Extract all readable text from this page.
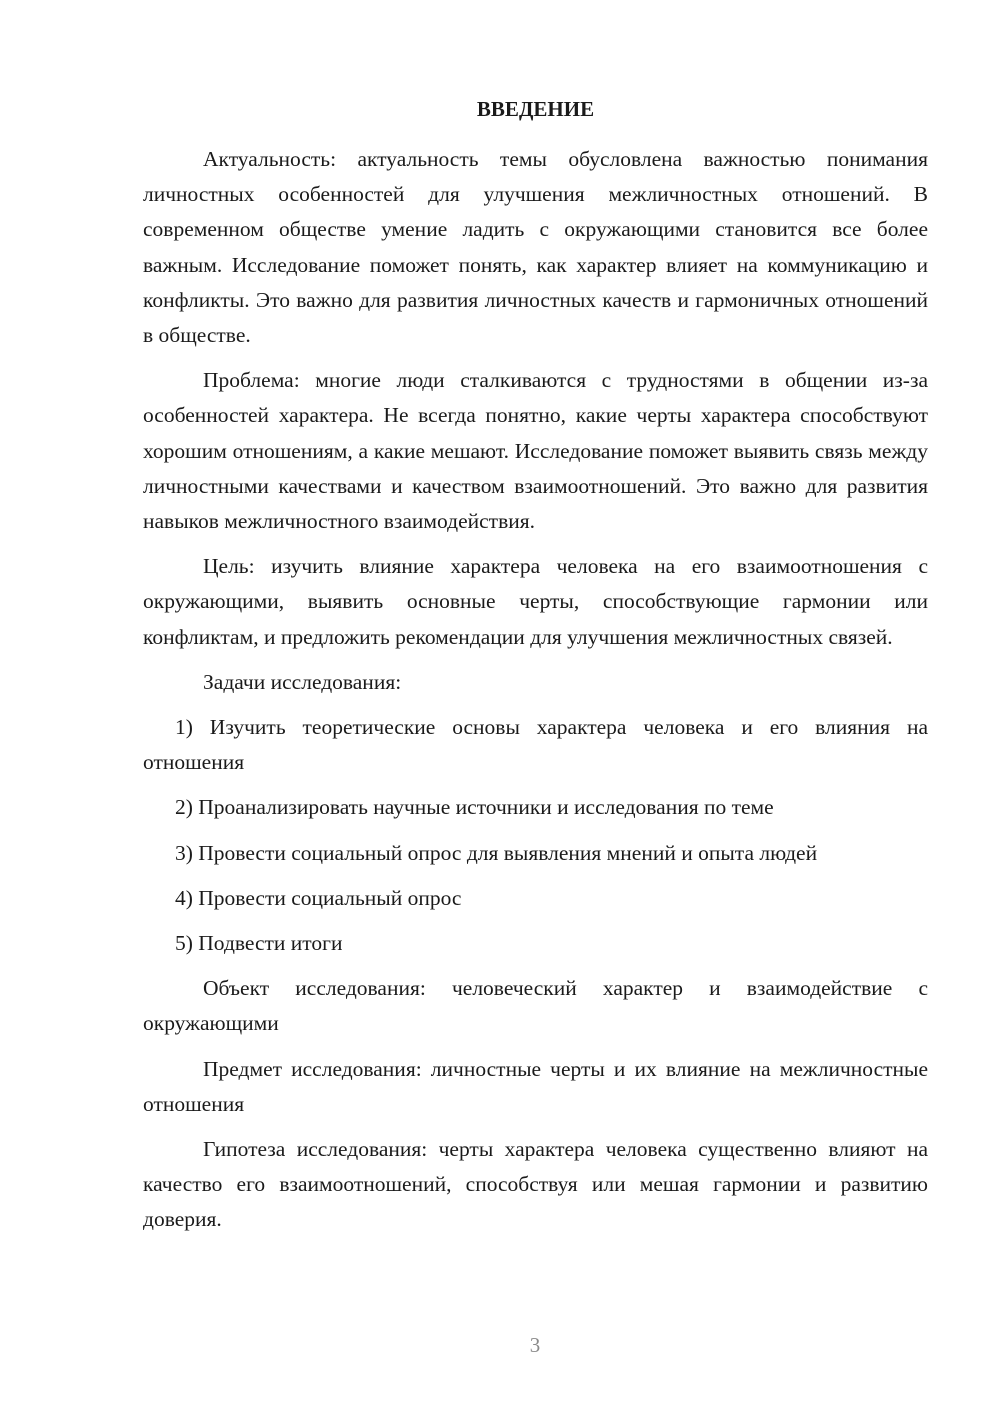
ВВЕДЕНИЕ

Актуальность: актуальность темы обусловлена важностью понимания личностных особенностей для улучшения межличностных отношений. В современном обществе умение ладить с окружающими становится все более важным. Исследование поможет понять, как характер влияет на коммуникацию и конфликты. Это важно для развития личностных качеств и гармоничных отношений в обществе.

Проблема: многие люди сталкиваются с трудностями в общении из-за особенностей характера. Не всегда понятно, какие черты характера способствуют хорошим отношениям, а какие мешают. Исследование поможет выявить связь между личностными качествами и качеством взаимоотношений. Это важно для развития навыков межличностного взаимодействия.

Цель: изучить влияние характера человека на его взаимоотношения с окружающими, выявить основные черты, способствующие гармонии или конфликтам, и предложить рекомендации для улучшения межличностных связей.

Задачи исследования:

1) Изучить теоретические основы характера человека и его влияния на отношения

2) Проанализировать научные источники и исследования по теме

3) Провести социальный опрос для выявления мнений и опыта людей

4) Провести социальный опрос

5) Подвести итоги

Объект исследования: человеческий характер и взаимодействие с окружающими

Предмет исследования: личностные черты и их влияние на межличностные отношения

Гипотеза исследования: черты характера человека существенно влияют на качество его взаимоотношений, способствуя или мешая гармонии и развитию доверия.

3
